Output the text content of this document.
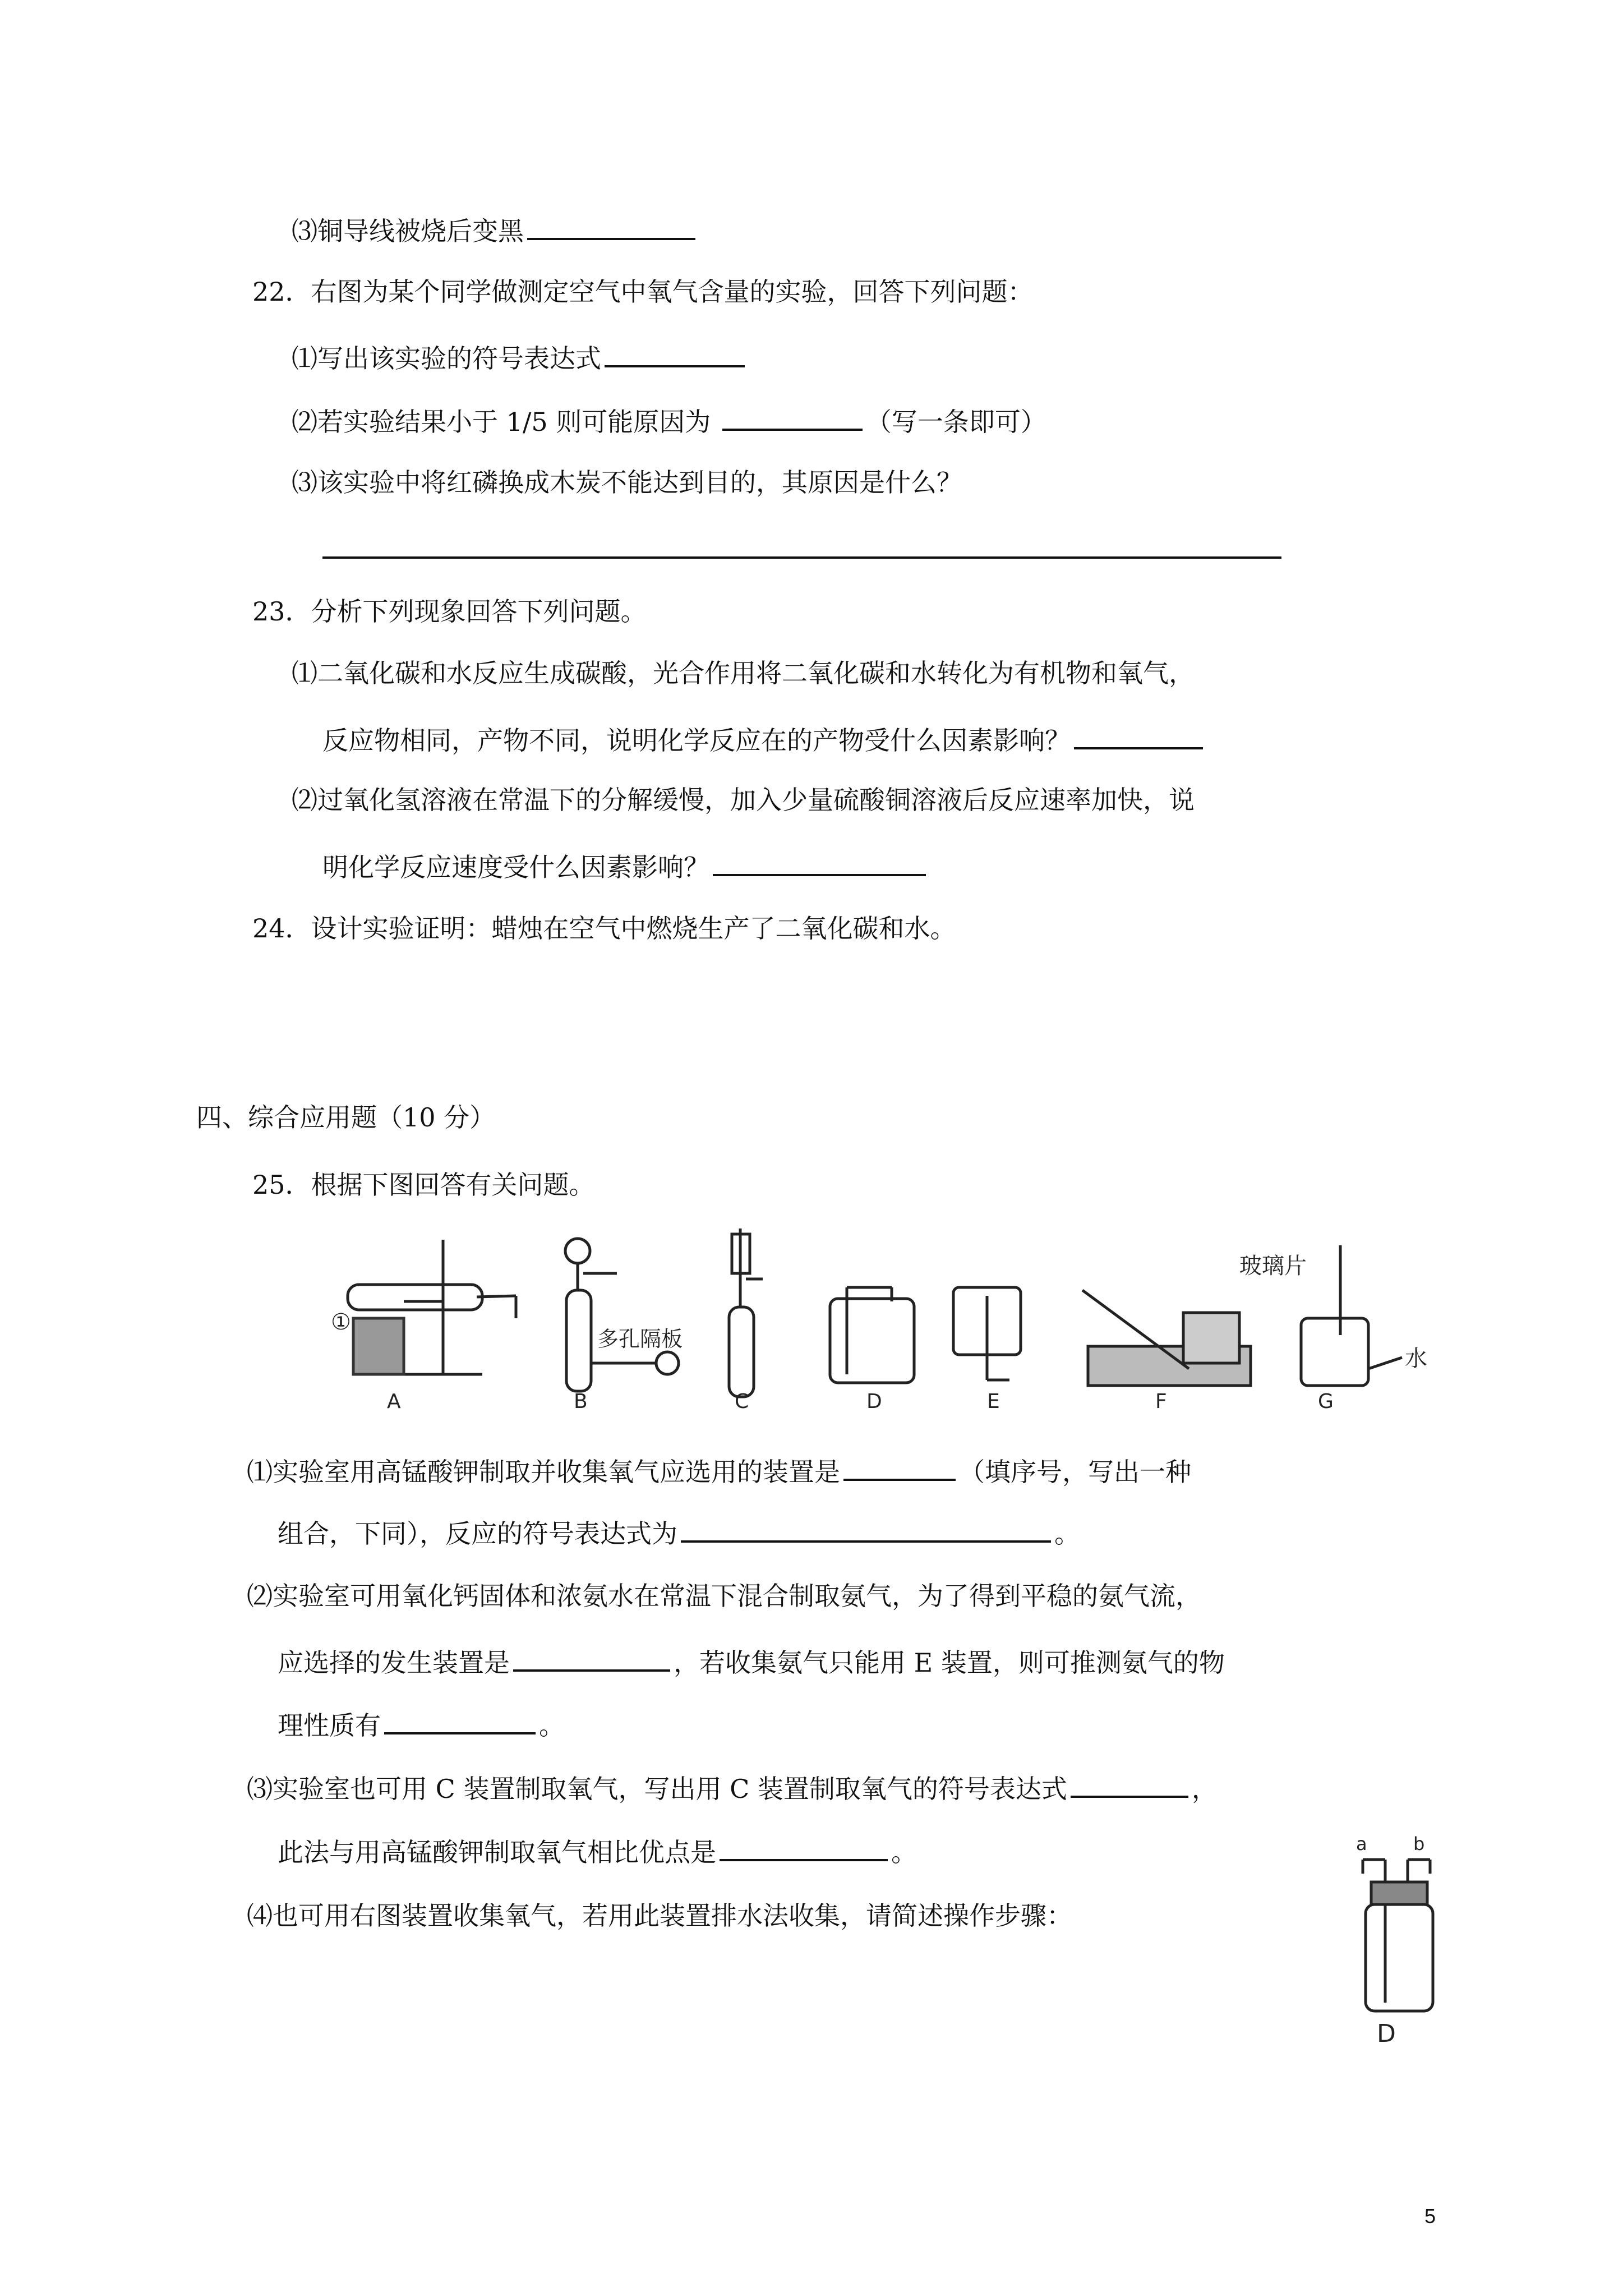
⑶铜导线被烧后变黑
22．右图为某个同学做测定空气中氧气含量的实验，回答下列问题：
⑴写出该实验的符号表达式
⑵若实验结果小于 1/5 则可能原因为	（写一条即可）
⑶该实验中将红磷换成木炭不能达到目的，其原因是什么？
23．分析下列现象回答下列问题。
⑴二氧化碳和水反应生成碳酸，光合作用将二氧化碳和水转化为有机物和氧气，
反应物相同，产物不同，说明化学反应在的产物受什么因素影响？
⑵过氧化氢溶液在常温下的分解缓慢，加入少量硫酸铜溶液后反应速率加快，说
明化学反应速度受什么因素影响？
24．设计实验证明：蜡烛在空气中燃烧生产了二氧化碳和水。
四、综合应用题（10 分）
25．根据下图回答有关问题。
①
A
多孔隔板
B	C	D	E	F
玻璃片
水
G
⑴实验室用高锰酸钾制取并收集氧气应选用的装置是	（填序号，写出一种
组合，下同），反应的符号表达式为	。
⑵实验室可用氧化钙固体和浓氨水在常温下混合制取氨气，为了得到平稳的氨气流，
应选择的发生装置是	，若收集氨气只能用 E 装置，则可推测氨气的物
理性质有	。
⑶实验室也可用 C 装置制取氧气，写出用 C 装置制取氧气的符号表达式	，
此法与用高锰酸钾制取氧气相比优点是	。
⑷也可用右图装置收集氧气，若用此装置排水法收集，请简述操作步骤：
a	b
D
5
